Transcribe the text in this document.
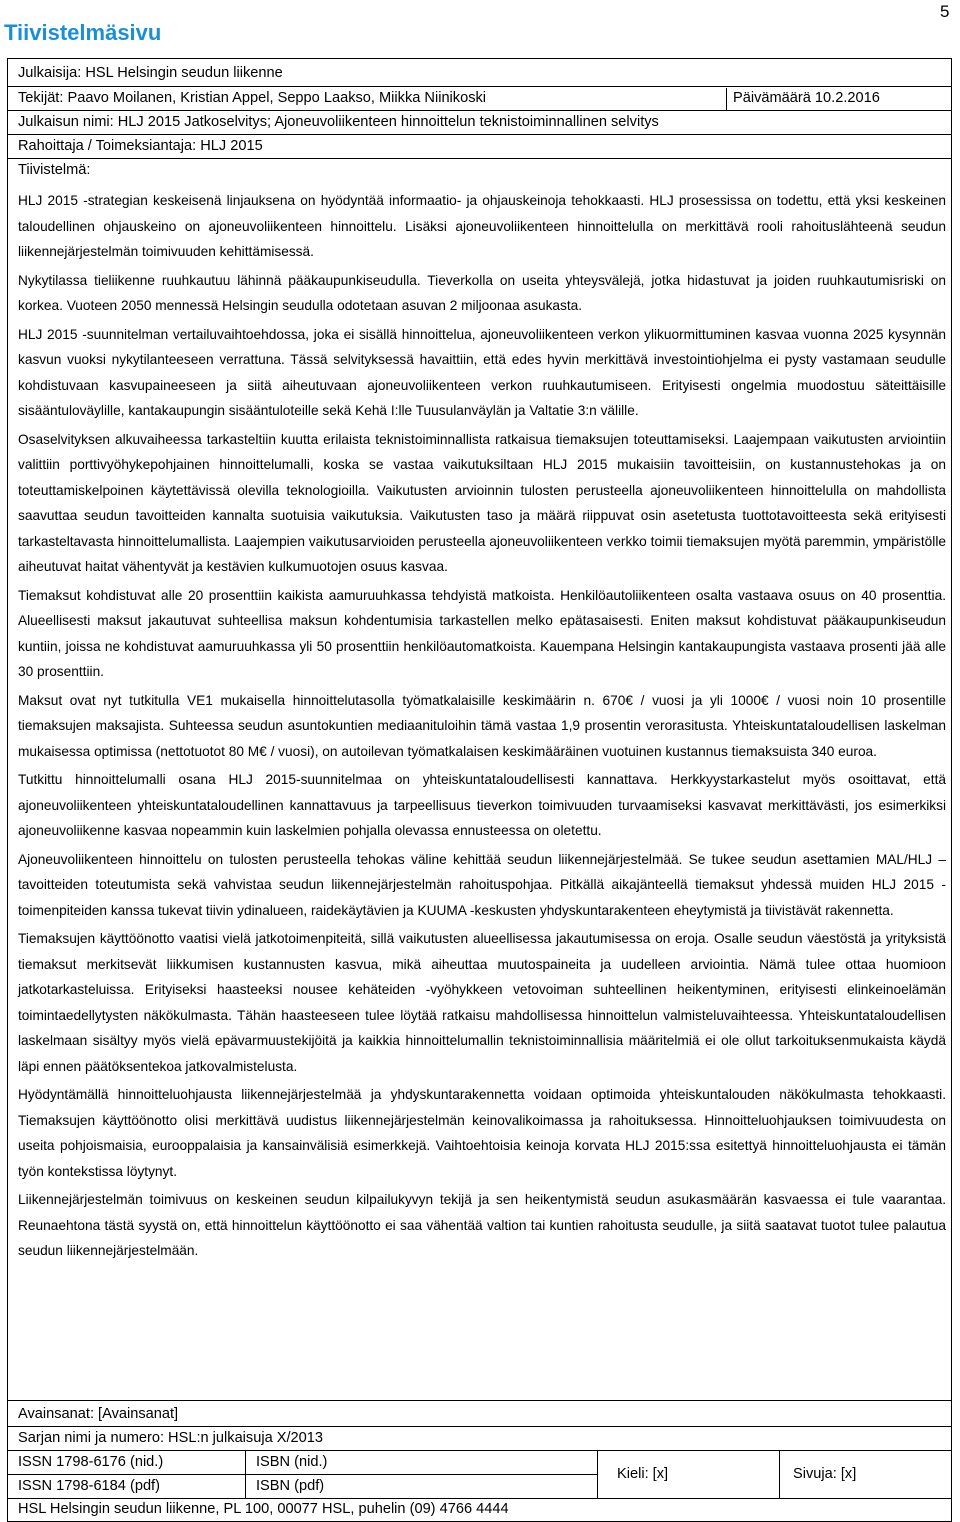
Tiivistelmäsivu
5
Julkaisija: HSL Helsingin seudun liikenne
Tekijät: Paavo Moilanen, Kristian Appel, Seppo Laakso, Miikka Niinikoski	Päivämäärä 10.2.2016
Julkaisun nimi: HLJ 2015 Jatkoselvitys; Ajoneuvoliikenteen hinnoittelun teknistoiminnallinen selvitys
Rahoittaja / Toimeksiantaja: HLJ 2015
Tiivistelmä:

HLJ 2015 -strategian keskeisenä linjauksena on hyödyntää informaatio- ja ohjauskeinoja tehokkaasti. HLJ prosessissa on todettu, että yksi keskeinen taloudellinen ohjauskeino on ajoneuvoliikenteen hinnoittelu. Lisäksi ajoneuvoliikenteen hinnoittelulla on merkittävä rooli rahoituslähteenä seudun liikennejärjestelmän toimivuuden kehittämisessä.

Nykytilassa tieliikenne ruuhkautuu lähinnä pääkaupunkiseudulla. Tieverkolla on useita yhteysvälejä, jotka hidastuvat ja joiden ruuhkautumisriski on korkea. Vuoteen 2050 mennessä Helsingin seudulla odotetaan asuvan 2 miljoonaa asukasta.

HLJ 2015 -suunnitelman vertailuvaihtoehdossa, joka ei sisällä hinnoittelua, ajoneuvoliikenteen verkon ylikuormittuminen kasvaa vuonna 2025 kysynnän kasvun vuoksi nykytilanteeseen verrattuna. Tässä selvityksessä havaittiin, että edes hyvin merkittävä investointiohjelma ei pysty vastamaan seudulle kohdistuvaan kasvupaineeseen ja siitä aiheutuvaan ajoneuvoliikenteen verkon ruuhkautumiseen. Erityisesti ongelmia muodostuu säteittäisille sisääntuloväylille, kantakaupungin sisääntuloteille sekä Kehä I:lle Tuusulanväylän ja Valtatie 3:n välille.

Osaselvityksen alkuvaiheessa tarkasteltiin kuutta erilaista teknistoiminnallista ratkaisua tiemaksujen toteuttamiseksi. Laajempaan vaikutusten arviointiin valittiin porttivyöhykepohjainen hinnoittelumalli, koska se vastaa vaikutuksiltaan HLJ 2015 mukaisiin tavoitteisiin, on kustannustehokas ja on toteuttamiskelpoinen käytettävissä olevilla teknologioilla. Vaikutusten arvioinnin tulosten perusteella ajoneuvoliikenteen hinnoittelulla on mahdollista saavuttaa seudun tavoitteiden kannalta suotuisia vaikutuksia. Vaikutusten taso ja määrä riippuvat osin asetetusta tuottotavoitteesta sekä erityisesti tarkasteltavasta hinnoittelumallista. Laajempien vaikutusarvioiden perusteella ajoneuvoliikenteen verkko toimii tiemaksujen myötä paremmin, ympäristölle aiheutuvat haitat vähentyvät ja kestävien kulkumuotojen osuus kasvaa.

Tiemaksut kohdistuvat alle 20 prosenttiin kaikista aamuruuhkassa tehdyistä matkoista. Henkilöautoliikenteen osalta vastaava osuus on 40 prosenttia. Alueellisesti maksut jakautuvat suhteellisa maksun kohdentumisia tarkastellen melko epätasaisesti. Eniten maksut kohdistuvat pääkaupunkiseudun kuntiin, joissa ne kohdistuvat aamuruuhkassa yli 50 prosenttiin henkilöautomatkoista. Kauempana Helsingin kantakaupungista vastaava prosenti jää alle 30 prosenttiin.

Maksut ovat nyt tutkitulla VE1 mukaisella hinnoittelutasolla työmatkalaisille keskimäärin n. 670€ / vuosi ja yli 1000€ / vuosi noin 10 prosentille tiemaksujen maksajista. Suhteessa seudun asuntokuntien mediaanituloihin tämä vastaa 1,9 prosentin verorasitusta. Yhteiskuntataloudellisen laskelman mukaisessa optimissa (nettotuotot 80 M€ / vuosi), on autoilevan työmatkalaisen keskimääräinen vuotuinen kustannus tiemaksuista 340 euroa.

Tutkittu hinnoittelumalli osana HLJ 2015-suunnitelmaa on yhteiskuntataloudellisesti kannattava. Herkkyystarkastelut myös osoittavat, että ajoneuvoliikenteen yhteiskuntataloudellinen kannattavuus ja tarpeellisuus tieverkon toimivuuden turvaamiseksi kasvavat merkittävästi, jos esimerkiksi ajoneuvoliikenne kasvaa nopeammin kuin laskelmien pohjalla olevassa ennusteessa on oletettu.

Ajoneuvoliikenteen hinnoittelu on tulosten perusteella tehokas väline kehittää seudun liikennejärjestelmää. Se tukee seudun asettamien MAL/HLJ –tavoitteiden toteutumista sekä vahvistaa seudun liikennejärjestelmän rahoituspohjaa. Pitkällä aikajänteellä tiemaksut yhdessä muiden HLJ 2015 -toimenpiteiden kanssa tukevat tiivin ydinalueen, raidekäytävien ja KUUMA -keskusten yhdyskuntarakenteen eheytymistä ja tiivistävät rakennetta.

Tiemaksujen käyttöönotto vaatisi vielä jatkotoimenpiteitä, sillä vaikutusten alueellisessa jakautumisessa on eroja. Osalle seudun väestöstä ja yrityksistä tiemaksut merkitsevät liikkumisen kustannusten kasvua, mikä aiheuttaa muutospaineita ja uudelleen arviointia. Nämä tulee ottaa huomioon jatkotarkasteluissa. Erityiseksi haasteeksi nousee kehäteiden -vyöhykkeen vetovoiman suhteellinen heikentyminen, erityisesti elinkeinoelämän toimintaedellytysten näkökulmasta. Tähän haasteeseen tulee löytää ratkaisu mahdollisessa hinnoittelun valmisteluvaihteessa. Yhteiskuntataloudellisen laskelmaan sisältyy myös vielä epävarmuustekijöitä ja kaikkia hinnoittelumallin teknistoiminnallisia määritelmiä ei ole ollut tarkoituksenmukaista käydä läpi ennen päätöksentekoa jatkovalmistelusta.

Hyödyntämällä hinnoitteluohjausta liikennejärjestelmää ja yhdyskuntarakennetta voidaan optimoida yhteiskuntalouden näkökulmasta tehokkaasti. Tiemaksujen käyttöönotto olisi merkittävä uudistus liikennejärjestelmän keinovalikoimassa ja rahoituksessa. Hinnoitteluohjauksen toimivuudesta on useita pohjoismaisia, eurooppalaisia ja kansainvälisiä esimerkkejä. Vaihtoehtoisia keinoja korvata HLJ 2015:ssa esitettyä hinnoitteluohjausta ei tämän työn kontekstissa löytynyt.

Liikennejärjestelmän toimivuus on keskeinen seudun kilpailukyvyn tekijä ja sen heikentymistä seudun asukasmäärän kasvaessa ei tule vaarantaa. Reunaehtona tästä syystä on, että hinnoittelun käyttöönotto ei saa vähentää valtion tai kuntien rahoitusta seudulle, ja siitä saatavat tuotot tulee palautua seudun liikennejärjestelmään.

Avainsanat: [Avainsanat]
Sarjan nimi ja numero: HSL:n julkaisuja X/2013
ISSN 1798-6176 (nid.)	ISBN (nid.)
ISSN 1798-6184 (pdf)	ISBN (pdf)
Kieli: [x]	Sivuja: [x]
HSL Helsingin seudun liikenne, PL 100, 00077 HSL, puhelin (09) 4766 4444
